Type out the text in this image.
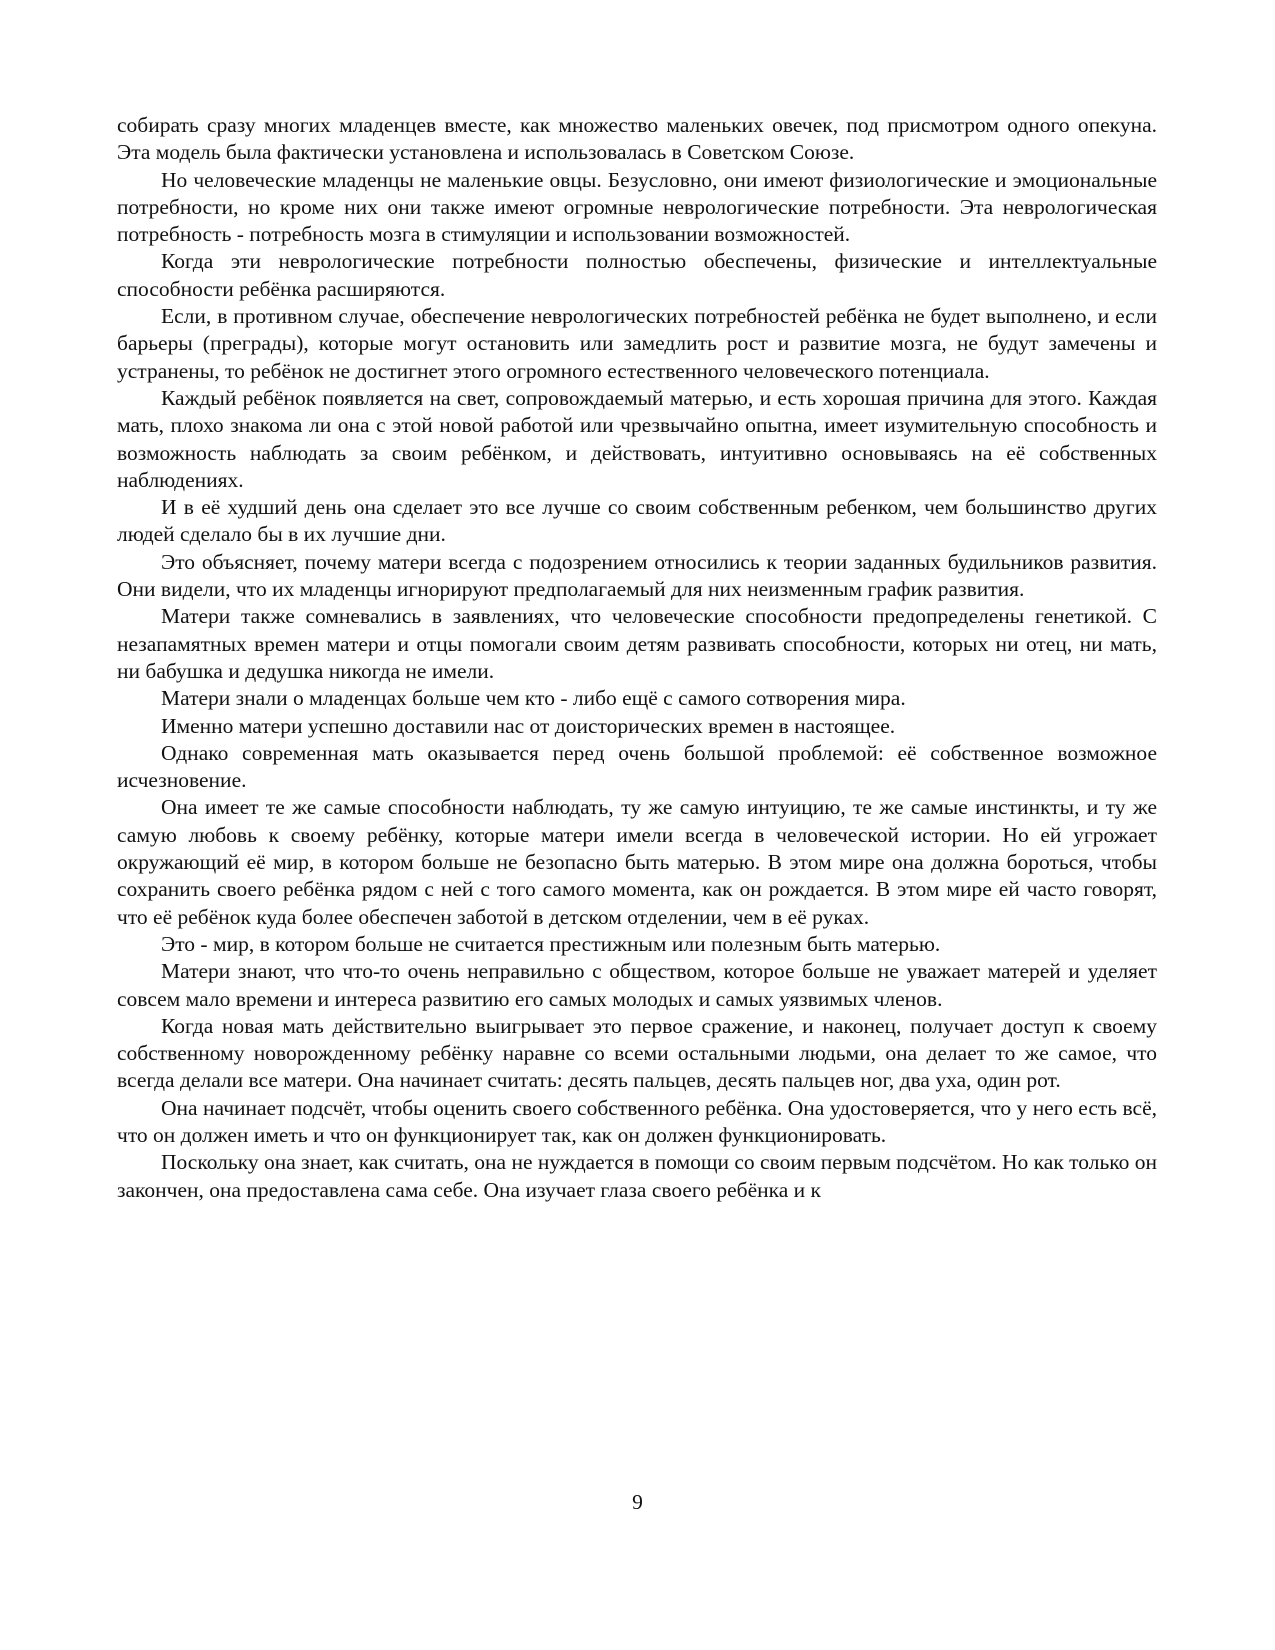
собирать сразу многих младенцев вместе, как множество маленьких овечек, под присмотром одного опекуна. Эта модель была фактически установлена и использовалась в Советском Союзе.

Но человеческие младенцы не маленькие овцы. Безусловно, они имеют физиологические и эмоциональные потребности, но кроме них они также имеют огромные неврологические потребности. Эта неврологическая потребность - потребность мозга в стимуляции и использовании возможностей.

Когда эти неврологические потребности полностью обеспечены, физические и интеллектуальные способности ребёнка расширяются.

Если, в противном случае, обеспечение неврологических потребностей ребёнка не будет выполнено, и если барьеры (преграды), которые могут остановить или замедлить рост и развитие мозга, не будут замечены и устранены, то ребёнок не достигнет этого огромного естественного человеческого потенциала.

Каждый ребёнок появляется на свет, сопровождаемый матерью, и есть хорошая причина для этого. Каждая мать, плохо знакома ли она с этой новой работой или чрезвычайно опытна, имеет изумительную способность и возможность наблюдать за своим ребёнком, и действовать, интуитивно основываясь на её собственных наблюдениях.

И в её худший день она сделает это все лучше со своим собственным ребенком, чем большинство других людей сделало бы в их лучшие дни.

Это объясняет, почему матери всегда с подозрением относились к теории заданных будильников развития. Они видели, что их младенцы игнорируют предполагаемый для них неизменным график развития.

Матери также сомневались в заявлениях, что человеческие способности предопределены генетикой. С незапамятных времен матери и отцы помогали своим детям развивать способности, которых ни отец, ни мать, ни бабушка и дедушка никогда не имели.

Матери знали о младенцах больше чем кто - либо ещё с самого сотворения мира.

Именно матери успешно доставили нас от доисторических времен в настоящее.

Однако современная мать оказывается перед очень большой проблемой: её собственное возможное исчезновение.

Она имеет те же самые способности наблюдать, ту же самую интуицию, те же самые инстинкты, и ту же самую любовь к своему ребёнку, которые матери имели всегда в человеческой истории. Но ей угрожает окружающий её мир, в котором больше не безопасно быть матерью. В этом мире она должна бороться, чтобы сохранить своего ребёнка рядом с ней с того самого момента, как он рождается. В этом мире ей часто говорят, что её ребёнок куда более обеспечен заботой в детском отделении, чем в её руках.

Это - мир, в котором больше не считается престижным или полезным быть матерью.

Матери знают, что что-то очень неправильно с обществом, которое больше не уважает матерей и уделяет совсем мало времени и интереса развитию его самых молодых и самых уязвимых членов.

Когда новая мать действительно выигрывает это первое сражение, и наконец, получает доступ к своему собственному новорожденному ребёнку наравне со всеми остальными людьми, она делает то же самое, что всегда делали все матери. Она начинает считать: десять пальцев, десять пальцев ног, два уха, один рот.

Она начинает подсчёт, чтобы оценить своего собственного ребёнка. Она удостоверяется, что у него есть всё, что он должен иметь и что он функционирует так, как он должен функционировать.

Поскольку она знает, как считать, она не нуждается в помощи со своим первым подсчётом. Но как только он закончен, она предоставлена сама себе. Она изучает глаза своего ребёнка и к

9
